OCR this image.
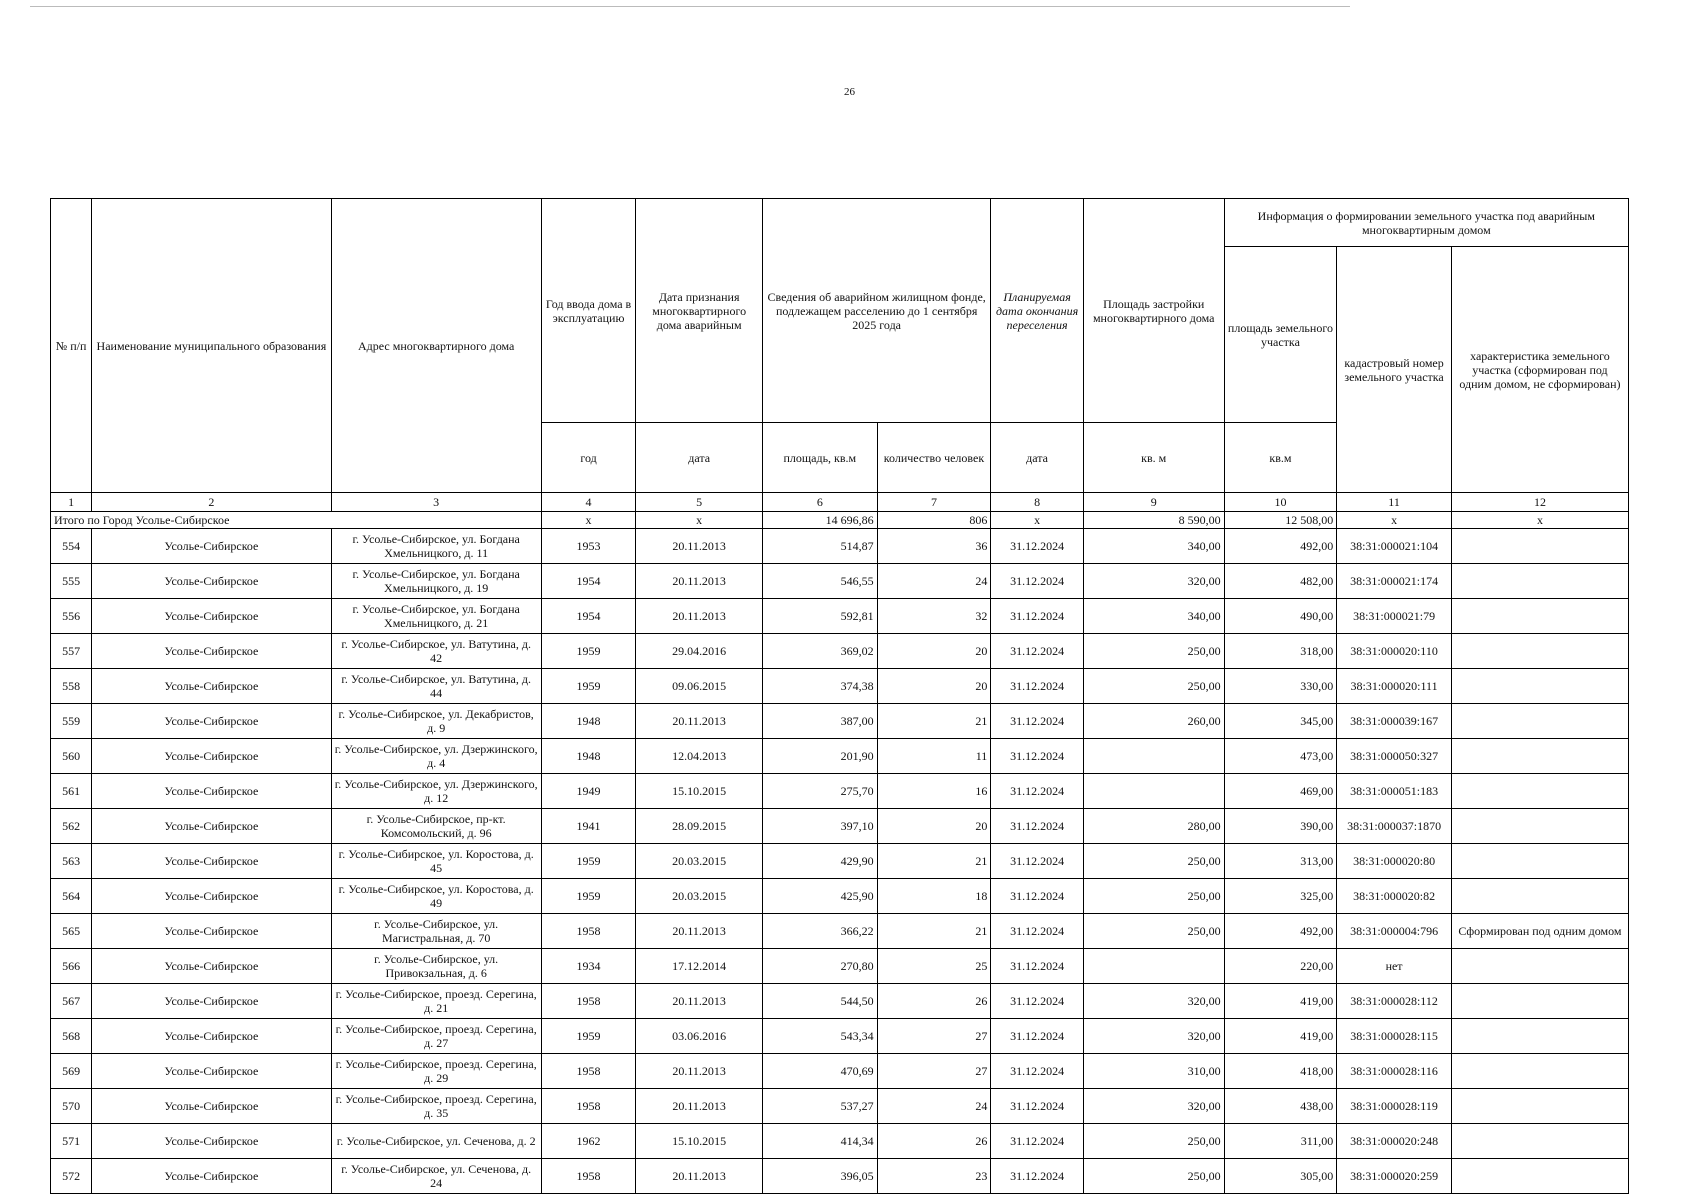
26
№ п/п	Наименование муниципального образования	Адрес многоквартирного дома	Год ввода дома в эксплуатацию	Дата признания многоквартирного дома аварийным	Сведения об аварийном жилищном фонде, подлежащем расселению до 1 сентября 2025 года		Планируемая дата окончания переселения	Площадь застройки многоквартирного дома	Информация о формировании земельного участка под аварийным многоквартирным домом		
									площадь земельного участка	кадастровый номер земельного участка	характеристика земельного участка (сформирован под одним домом, не сформирован)
			год	дата	площадь, кв.м	количество человек	дата	кв. м	кв.м		
1	2	3	4	5	6	7	8	9	10	11	12
Итого по Город Усолье-Сибирское			x	x	14 696,86	806	x	8 590,00	12 508,00	x	x
554	Усолье-Сибирское	г. Усолье-Сибирское, ул. Богдана Хмельницкого, д. 11	1953	20.11.2013	514,87	36	31.12.2024	340,00	492,00	38:31:000021:104	
555	Усолье-Сибирское	г. Усолье-Сибирское, ул. Богдана Хмельницкого, д. 19	1954	20.11.2013	546,55	24	31.12.2024	320,00	482,00	38:31:000021:174	
556	Усолье-Сибирское	г. Усолье-Сибирское, ул. Богдана Хмельницкого, д. 21	1954	20.11.2013	592,81	32	31.12.2024	340,00	490,00	38:31:000021:79	
557	Усолье-Сибирское	г. Усолье-Сибирское, ул. Ватутина, д. 42	1959	29.04.2016	369,02	20	31.12.2024	250,00	318,00	38:31:000020:110	
558	Усолье-Сибирское	г. Усолье-Сибирское, ул. Ватутина, д. 44	1959	09.06.2015	374,38	20	31.12.2024	250,00	330,00	38:31:000020:111	
559	Усолье-Сибирское	г. Усолье-Сибирское, ул. Декабристов, д. 9	1948	20.11.2013	387,00	21	31.12.2024	260,00	345,00	38:31:000039:167	
560	Усолье-Сибирское	г. Усолье-Сибирское, ул. Дзержинского, д. 4	1948	12.04.2013	201,90	11	31.12.2024		473,00	38:31:000050:327	
561	Усолье-Сибирское	г. Усолье-Сибирское, ул. Дзержинского, д. 12	1949	15.10.2015	275,70	16	31.12.2024		469,00	38:31:000051:183	
562	Усолье-Сибирское	г. Усолье-Сибирское, пр-кт. Комсомольский, д. 96	1941	28.09.2015	397,10	20	31.12.2024	280,00	390,00	38:31:000037:1870	
563	Усолье-Сибирское	г. Усолье-Сибирское, ул. Коростова, д. 45	1959	20.03.2015	429,90	21	31.12.2024	250,00	313,00	38:31:000020:80	
564	Усолье-Сибирское	г. Усолье-Сибирское, ул. Коростова, д. 49	1959	20.03.2015	425,90	18	31.12.2024	250,00	325,00	38:31:000020:82	
565	Усолье-Сибирское	г. Усолье-Сибирское, ул. Магистральная, д. 70	1958	20.11.2013	366,22	21	31.12.2024	250,00	492,00	38:31:000004:796	Сформирован под одним домом
566	Усолье-Сибирское	г. Усолье-Сибирское, ул. Привокзальная, д. 6	1934	17.12.2014	270,80	25	31.12.2024		220,00	нет	
567	Усолье-Сибирское	г. Усолье-Сибирское, проезд. Серегина, д. 21	1958	20.11.2013	544,50	26	31.12.2024	320,00	419,00	38:31:000028:112	
568	Усолье-Сибирское	г. Усолье-Сибирское, проезд. Серегина, д. 27	1959	03.06.2016	543,34	27	31.12.2024	320,00	419,00	38:31:000028:115	
569	Усолье-Сибирское	г. Усолье-Сибирское, проезд. Серегина, д. 29	1958	20.11.2013	470,69	27	31.12.2024	310,00	418,00	38:31:000028:116	
570	Усолье-Сибирское	г. Усолье-Сибирское, проезд. Серегина, д. 35	1958	20.11.2013	537,27	24	31.12.2024	320,00	438,00	38:31:000028:119	
571	Усолье-Сибирское	г. Усолье-Сибирское, ул. Сеченова, д. 2	1962	15.10.2015	414,34	26	31.12.2024	250,00	311,00	38:31:000020:248	
572	Усолье-Сибирское	г. Усолье-Сибирское, ул. Сеченова, д. 24	1958	20.11.2013	396,05	23	31.12.2024	250,00	305,00	38:31:000020:259	
